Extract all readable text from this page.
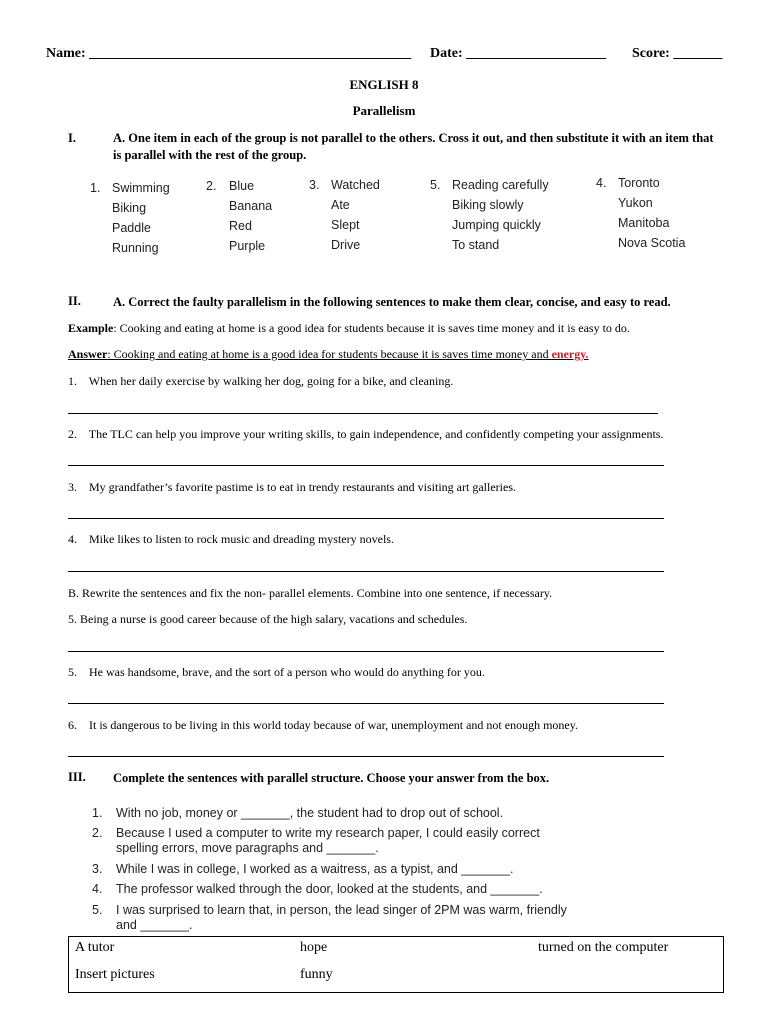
Name: ______________________________________________ Date: ____________________ Score: _______
ENGLISH 8
Parallelism
I.	A. One item in each of the group is not parallel to the others. Cross it out, and then substitute it with an item that is parallel with the rest of the group.
1. Swimming
Biking
Paddle
Running
2. Blue
Banana
Red
Purple
3. Watched
Ate
Slept
Drive
5. Reading carefully
Biking slowly
Jumping quickly
To stand
4. Toronto
Yukon
Manitoba
Nova Scotia
II.	A. Correct the faulty parallelism in the following sentences to make them clear, concise, and easy to read.
Example: Cooking and eating at home is a good idea for students because it is saves time money and it is easy to do.
Answer: Cooking and eating at home is a good idea for students because it is saves time money and energy.
1.    When her daily exercise by walking her dog, going for a bike, and cleaning.
2.    The TLC can help you improve your writing skills, to gain independence, and confidently competing your assignments.
3.    My grandfather’s favorite pastime is to eat in trendy restaurants and visiting art galleries.
4.    Mike likes to listen to rock music and dreading mystery novels.
B. Rewrite the sentences and fix the non- parallel elements. Combine into one sentence, if necessary.
5. Being a nurse is good career because of the high salary, vacations and schedules.
5.    He was handsome, brave, and the sort of a person who would do anything for you.
6.    It is dangerous to be living in this world today because of war, unemployment and not enough money.
III. Complete the sentences with parallel structure. Choose your answer from the box.
1. With no job, money or _______, the student had to drop out of school.
2. Because I used a computer to write my research paper, I could easily correct
spelling errors, move paragraphs and _______.
3. While I was in college, I worked as a waitress, as a typist, and _______.
4. The professor walked through the door, looked at the students, and _______.
5. I was surprised to learn that, in person, the lead singer of 2PM was warm, friendly
and _______.
A tutor	hope	turned on the computer
Insert pictures	funny
